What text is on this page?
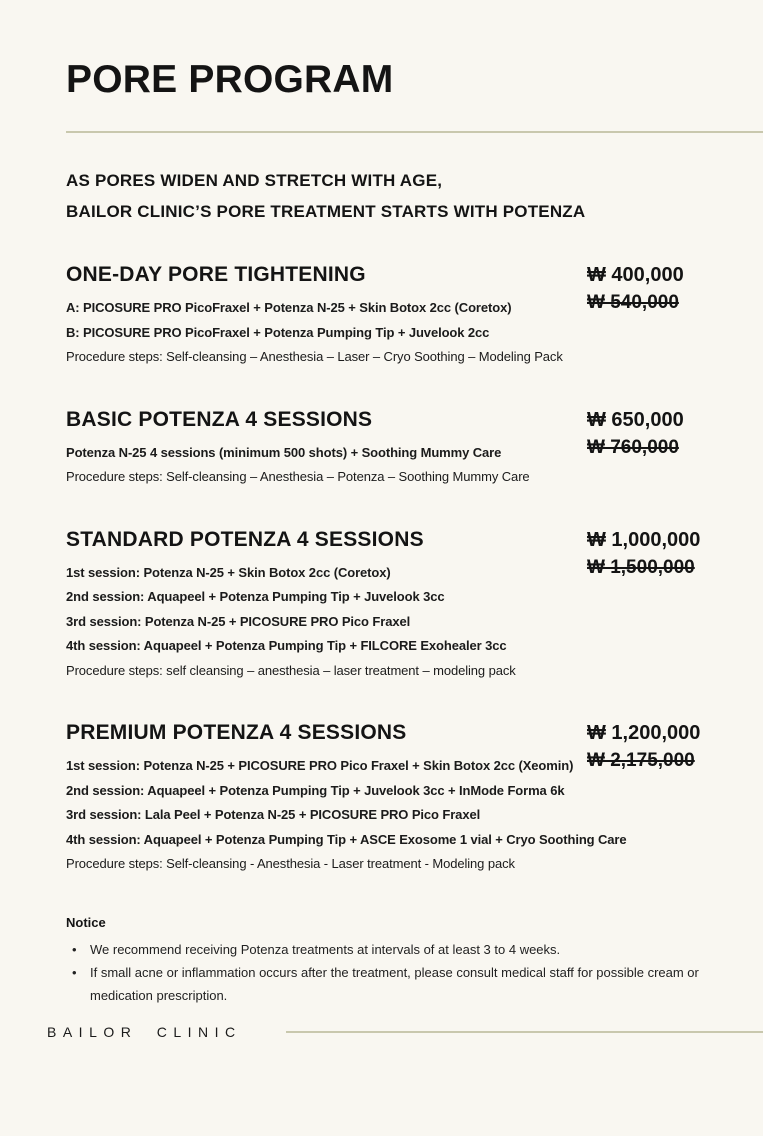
PORE PROGRAM

AS PORES WIDEN AND STRETCH WITH AGE,

BAILOR CLINIC’S PORE TREATMENT STARTS WITH POTENZA

ONE-DAY PORE TIGHTENING	₩ 400,000
₩ 540,000

A: PICOSURE PRO PicoFraxel + Potenza N-25 + Skin Botox 2cc (Coretox)

B: PICOSURE PRO PicoFraxel + Potenza Pumping Tip + Juvelook 2cc

Procedure steps: Self-cleansing – Anesthesia – Laser – Cryo Soothing – Modeling Pack

BASIC POTENZA 4 SESSIONS	₩ 650,000
₩ 760,000

Potenza N-25 4 sessions (minimum 500 shots) + Soothing Mummy Care

Procedure steps: Self-cleansing – Anesthesia – Potenza – Soothing Mummy Care

STANDARD POTENZA 4 SESSIONS	₩ 1,000,000
₩ 1,500,000

1st session: Potenza N-25 + Skin Botox 2cc (Coretox)

2nd session: Aquapeel + Potenza Pumping Tip + Juvelook 3cc

3rd session: Potenza N-25 + PICOSURE PRO Pico Fraxel

4th session: Aquapeel + Potenza Pumping Tip + FILCORE Exohealer 3cc

Procedure steps: self cleansing – anesthesia – laser treatment – modeling pack

PREMIUM POTENZA 4 SESSIONS	₩ 1,200,000
₩ 2,175,000

1st session: Potenza N-25 + PICOSURE PRO Pico Fraxel + Skin Botox 2cc (Xeomin)

2nd session: Aquapeel + Potenza Pumping Tip + Juvelook 3cc + InMode Forma 6k

3rd session: Lala Peel + Potenza N-25 + PICOSURE PRO Pico Fraxel

4th session: Aquapeel + Potenza Pumping Tip + ASCE Exosome 1 vial + Cryo Soothing Care

Procedure steps: Self-cleansing - Anesthesia - Laser treatment - Modeling pack

Notice

•	We recommend receiving Potenza treatments at intervals of at least 3 to 4 weeks.
•	If small acne or inflammation occurs after the treatment, please consult medical staff for possible cream or medication prescription.
BAILOR CLINIC
